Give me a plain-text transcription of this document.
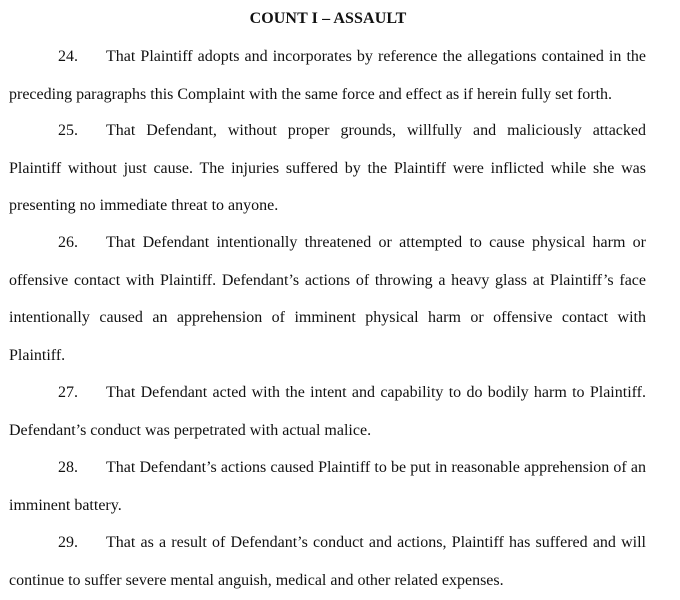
COUNT I – ASSAULT

24. That Plaintiff adopts and incorporates by reference the allegations contained in the preceding paragraphs this Complaint with the same force and effect as if herein fully set forth.

25. That Defendant, without proper grounds, willfully and maliciously attacked Plaintiff without just cause. The injuries suffered by the Plaintiff were inflicted while she was presenting no immediate threat to anyone.

26. That Defendant intentionally threatened or attempted to cause physical harm or offensive contact with Plaintiff. Defendant’s actions of throwing a heavy glass at Plaintiff’s face intentionally caused an apprehension of imminent physical harm or offensive contact with Plaintiff.

27. That Defendant acted with the intent and capability to do bodily harm to Plaintiff. Defendant’s conduct was perpetrated with actual malice.

28. That Defendant’s actions caused Plaintiff to be put in reasonable apprehension of an imminent battery.

29. That as a result of Defendant’s conduct and actions, Plaintiff has suffered and will continue to suffer severe mental anguish, medical and other related expenses.
